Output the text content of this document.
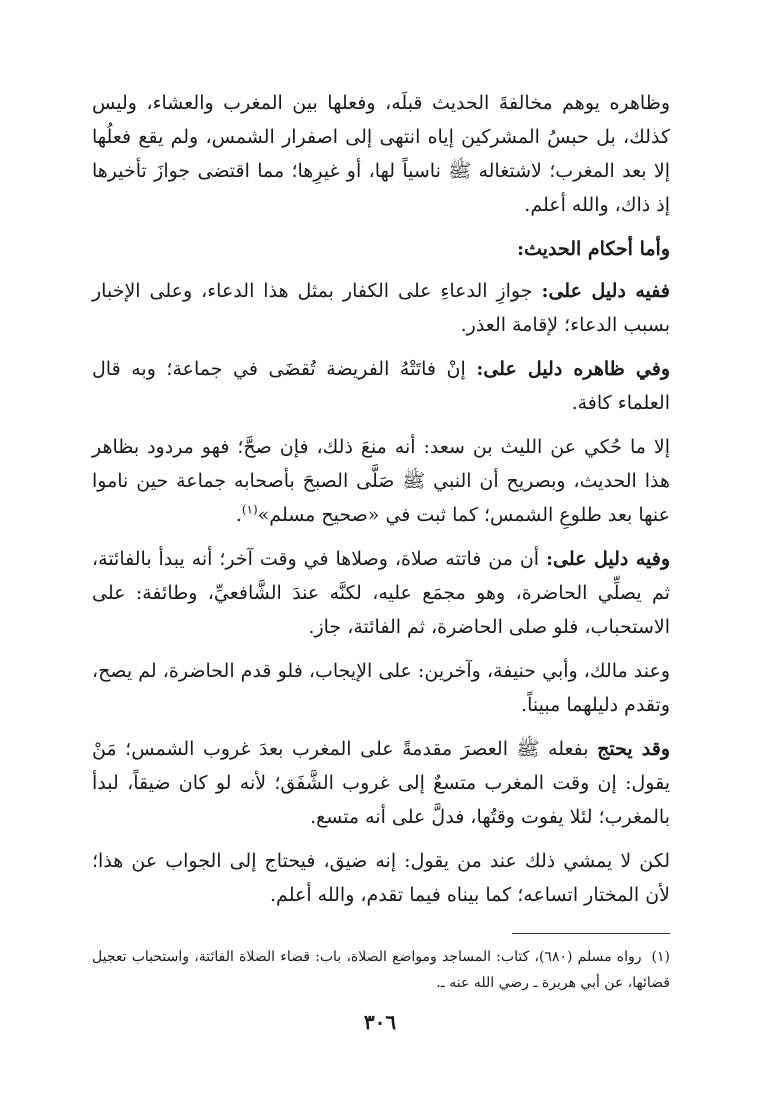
وظاهره يوهم مخالفةَ الحديث قبلَه، وفعلها بين المغرب والعشاء، وليس كذلك، بل حبسُ المشركين إياه انتهى إلى اصفرار الشمس، ولم يقع فعلُها إلا بعد المغرب؛ لاشتغاله ﷺ ناسياً لها، أو غيرِها؛ مما اقتضى جوازَ تأخيرها إذ ذاك، والله أعلم.

وأما أحكام الحديث:

ففيه دليل على: جوازِ الدعاءِ على الكفار بمثل هذا الدعاء، وعلى الإخبار بسبب الدعاء؛ لإقامة العذر.

وفي ظاهره دليل على: إنْ فاتَتْهُ الفريضة تُقضَى في جماعة؛ وبه قال العلماء كافة.

إلا ما حُكي عن الليث بن سعد: أنه منعَ ذلك، فإن صحَّ؛ فهو مردود بظاهر هذا الحديث، وبصريح أن النبي ﷺ صَلَّى الصبحَ بأصحابه جماعة حين ناموا عنها بعد طلوعِ الشمس؛ كما ثبت في «صحيح مسلم»$^{(١)}$.

وفيه دليل على: أن من فاتته صلاة، وصلاها في وقت آخر؛ أنه يبدأ بالفائتة، ثم يصلِّي الحاضرة، وهو مجمَع عليه، لكنَّه عندَ الشَّافعيِّ، وطائفة: على الاستحباب، فلو صلى الحاضرة، ثم الفائتة، جاز.

وعند مالك، وأبي حنيفة، وآخرين: على الإيجاب، فلو قدم الحاضرة، لم يصح، وتقدم دليلهما مبيناً.

وقد يحتج بفعله ﷺ العصرَ مقدمةً على المغرب بعدَ غروب الشمس؛ مَنْ يقول: إن وقت المغرب متسعٌ إلى غروب الشَّفَق؛ لأنه لو كان ضيقاً، لبدأ بالمغرب؛ لئلا يفوت وقتُها، فدلَّ على أنه متسع.

لكن لا يمشي ذلك عند من يقول: إنه ضيق، فيحتاج إلى الجواب عن هذا؛ لأن المختار اتساعه؛ كما بيناه فيما تقدم، والله أعلم.

(١)رواه مسلم (٦٨٠)، كتاب: المساجد ومواضع الصلاة، باب: قضاء الصلاة الفائتة، واستحباب تعجيل قضائها، عن أبي هريرة ـ رضي الله عنه ـ.
٣٠٦
